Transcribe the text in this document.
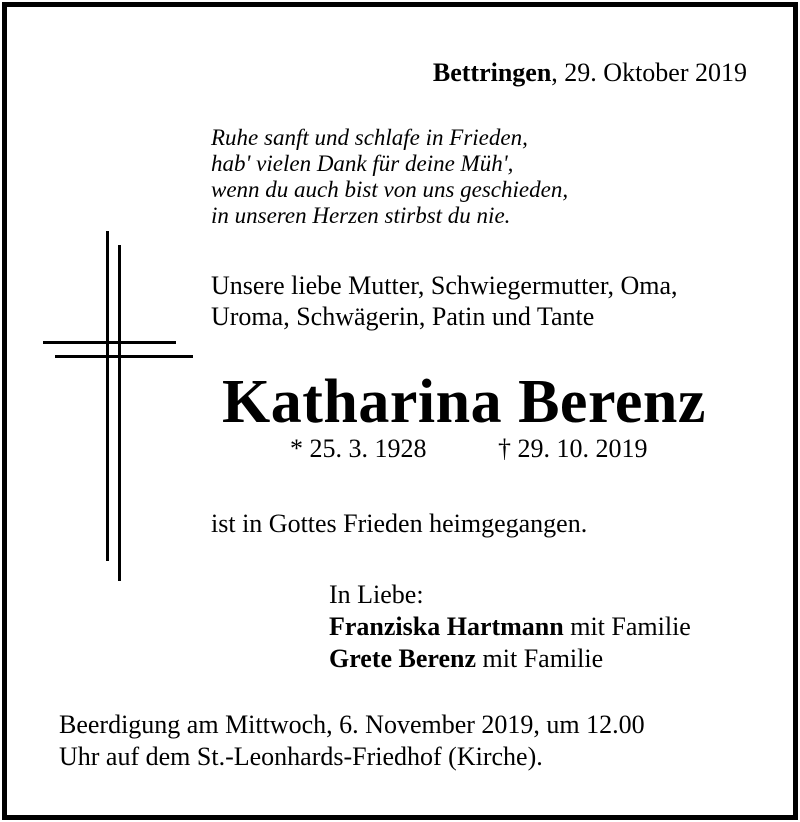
Bettringen, 29. Oktober 2019
Ruhe sanft und schlafe in Frieden,
hab' vielen Dank für deine Müh',
wenn du auch bist von uns geschieden,
in unseren Herzen stirbst du nie.
Unsere liebe Mutter, Schwiegermutter, Oma,
Uroma, Schwägerin, Patin und Tante
Katharina Berenz
* 25. 3. 1928	† 29. 10. 2019
ist in Gottes Frieden heimgegangen.
In Liebe:
Franziska Hartmann mit Familie
Grete Berenz mit Familie
Beerdigung am Mittwoch, 6. November 2019, um 12.00
Uhr auf dem St.-Leonhards-Friedhof (Kirche).
